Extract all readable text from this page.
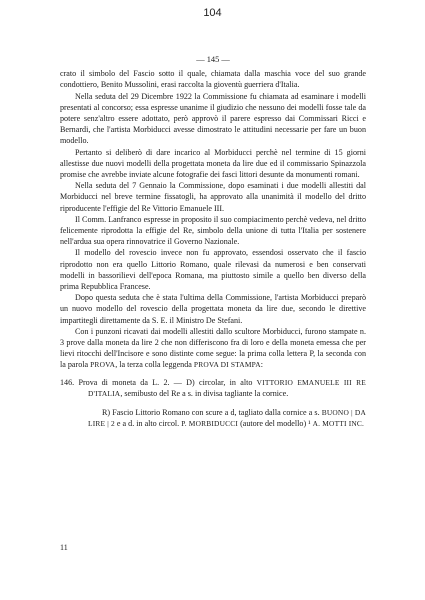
104
— 145 —

crato il simbolo del Fascio sotto il quale, chiamata dalla maschia voce del suo grande condottiero, Benito Mussolini, erasi raccolta la gioventù guerriera d'Italia.

Nella seduta del 29 Dicembre 1922 la Commissione fu chiamata ad esaminare i modelli presentati al concorso; essa espresse unanime il giudizio che nessuno dei modelli fosse tale da potere senz'altro essere adottato, però approvò il parere espresso dai Commissari Ricci e Bernardi, che l'artista Morbiducci avesse dimostrato le attitudini necessarie per fare un buon modello.

Pertanto si deliberò di dare incarico al Morbiducci perchè nel termine di 15 giorni allestisse due nuovi modelli della progettata moneta da lire due ed il commissario Spinazzola promise che avrebbe inviate alcune fotografie dei fasci littori desunte da monumenti romani.

Nella seduta del 7 Gennaio la Commissione, dopo esaminati i due modelli allestiti dal Morbiducci nel breve termine fissatogli, ha approvato alla unanimità il modello del dritto riproducente l'effigie del Re Vittorio Emanuele III.

Il Comm. Lanfranco espresse in proposito il suo compiacimento perchè vedeva, nel dritto felicemente riprodotta la effigie del Re, simbolo della unione di tutta l'Italia per sostenere nell'ardua sua opera rinnovatrice il Governo Nazionale.

Il modello del rovescio invece non fu approvato, essendosi osservato che il fascio riprodotto non era quello Littorio Romano, quale rilevasi da numerosi e ben conservati modelli in bassorilievi dell'epoca Romana, ma piuttosto simile a quello ben diverso della prima Repubblica Francese.

Dopo questa seduta che è stata l'ultima della Commissione, l'artista Morbiducci preparò un nuovo modello del rovescio della progettata moneta da lire due, secondo le direttive impartitegli direttamente da S. E. il Ministro De Stefani.

Con i punzoni ricavati dai modelli allestiti dallo scultore Morbiducci, furono stampate n. 3 prove dalla moneta da lire 2 che non differiscono fra di loro e della moneta emessa che per lievi ritocchi dell'Incisore e sono distinte come segue: la prima colla lettera P, la seconda con la parola PROVA, la terza colla leggenda PROVA DI STAMPA:

146. Prova di moneta da L. 2. — D) circolar, in alto VITTORIO EMANUELE III RE D'ITALIA, semibusto del Re a s. in divisa tagliante la cornice.

R) Fascio Littorio Romano con scure a d, tagliato dalla cornice a s. BUONO | DA LIRE | 2 e a d. in alto circol. P. MORBIDUCCI (autore del modello) ¹ A. MOTTI INC.

11
